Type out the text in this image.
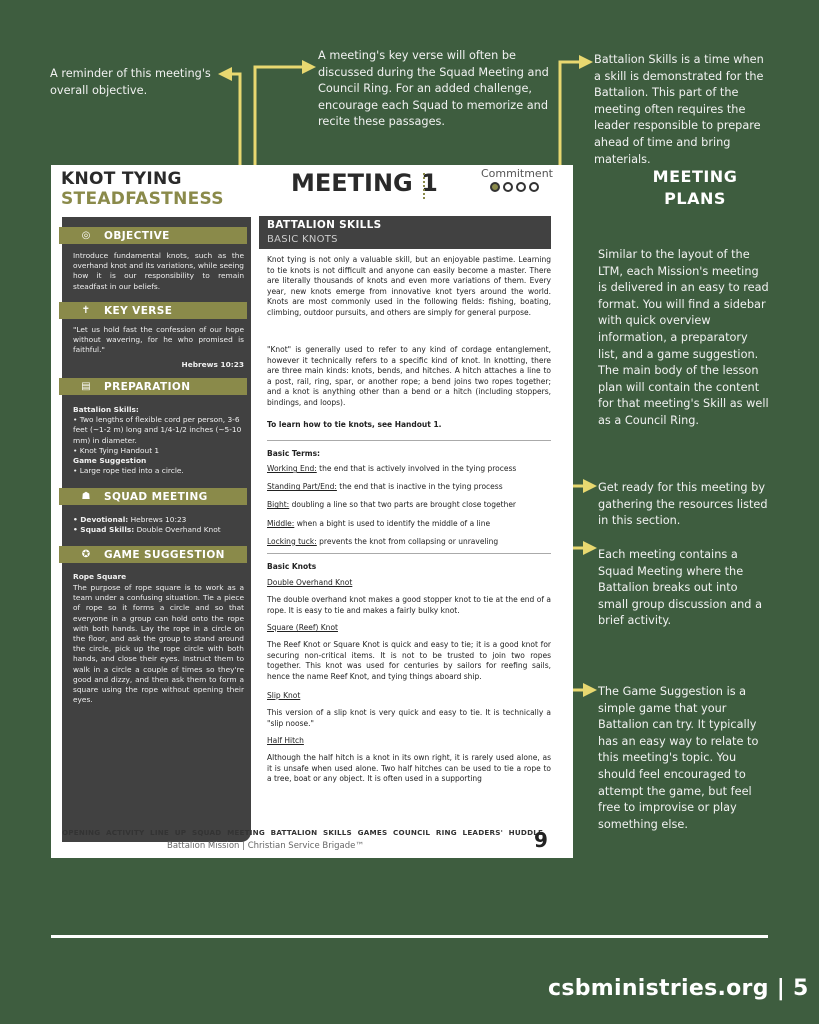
A reminder of this meeting's overall objective.
A meeting's key verse will often be discussed during the Squad Meeting and Council Ring. For an added challenge, encourage each Squad to memorize and recite these passages.
Battalion Skills is a time when a skill is demonstrated for the Battalion. This part of the meeting often requires the leader responsible to prepare ahead of time and bring materials.
MEETING PLANS
Similar to the layout of the LTM, each Mission's meeting is delivered in an easy to read format. You will find a sidebar with quick overview information, a preparatory list, and a game suggestion. The main body of the lesson plan will contain the content for that meeting's Skill as well as a Council Ring.
Get ready for this meeting by gathering the resources listed in this section.
Each meeting contains a Squad Meeting where the Battalion breaks out into small group discussion and a brief activity.
The Game Suggestion is a simple game that your Battalion can try. It typically has an easy way to relate to this meeting's topic. You should feel encouraged to attempt the game, but feel free to improvise or play something else.
KNOT TYING
STEADFASTNESS
MEETING 1	Commitment
◎	OBJECTIVE
Introduce fundamental knots, such as the overhand knot and its variations, while seeing how it is our responsibility to remain steadfast in our beliefs.
✝	KEY VERSE
"Let us hold fast the confession of our hope without wavering, for he who promised is faithful."
Hebrews 10:23
▤	PREPARATION
Battalion Skills:
• Two lengths of flexible cord per person, 3-6 feet (~1-2 m) long and 1/4-1/2 inches (~5-10 mm) in diameter.
• Knot Tying Handout 1
Game Suggestion
• Large rope tied into a circle.
☗	SQUAD MEETING
• Devotional: Hebrews 10:23
• Squad Skills: Double Overhand Knot
✪	GAME SUGGESTION
Rope Square
The purpose of rope square is to work as a team under a confusing situation. Tie a piece of rope so it forms a circle and so that everyone in a group can hold onto the rope with both hands. Lay the rope in a circle on the floor, and ask the group to stand around the circle, pick up the rope circle with both hands, and close their eyes. Instruct them to walk in a circle a couple of times so they're good and dizzy, and then ask them to form a square using the rope without opening their eyes.
BATTALION SKILLS
BASIC KNOTS
Knot tying is not only a valuable skill, but an enjoyable pastime. Learning to tie knots is not difficult and anyone can easily become a master. There are literally thousands of knots and even more variations of them. Every year, new knots emerge from innovative knot tyers around the world. Knots are most commonly used in the following fields: fishing, boating, climbing, outdoor pursuits, and others are simply for general purpose.
"Knot" is generally used to refer to any kind of cordage entanglement, however it technically refers to a specific kind of knot. In knotting, there are three main kinds: knots, bends, and hitches. A hitch attaches a line to a post, rail, ring, spar, or another rope; a bend joins two ropes together; and a knot is anything other than a bend or a hitch (including stoppers, bindings, and loops).
To learn how to tie knots, see Handout 1.
Basic Terms:
Working End: the end that is actively involved in the tying process
Standing Part/End: the end that is inactive in the tying process
Bight: doubling a line so that two parts are brought close together
Middle: when a bight is used to identify the middle of a line
Locking tuck: prevents the knot from collapsing or unraveling
Basic Knots
Double Overhand Knot
The double overhand knot makes a good stopper knot to tie at the end of a rope. It is easy to tie and makes a fairly bulky knot.
Square (Reef) Knot
The Reef Knot or Square Knot is quick and easy to tie; it is a good knot for securing non-critical items. It is not to be trusted to join two ropes together. This knot was used for centuries by sailors for reefing sails, hence the name Reef Knot, and tying things aboard ship.
Slip Knot
This version of a slip knot is very quick and easy to tie. It is technically a "slip noose."
Half Hitch
Although the half hitch is a knot in its own right, it is rarely used alone, as it is unsafe when used alone. Two half hitches can be used to tie a rope to a tree, boat or any object. It is often used in a supporting
OPENING ACTIVITY LINE UP SQUAD MEETING BATTALION SKILLS GAMES COUNCIL RING LEADERS' HUDDLE
Battalion Mission | Christian Service Brigade™	9
csbministries.org | 5
